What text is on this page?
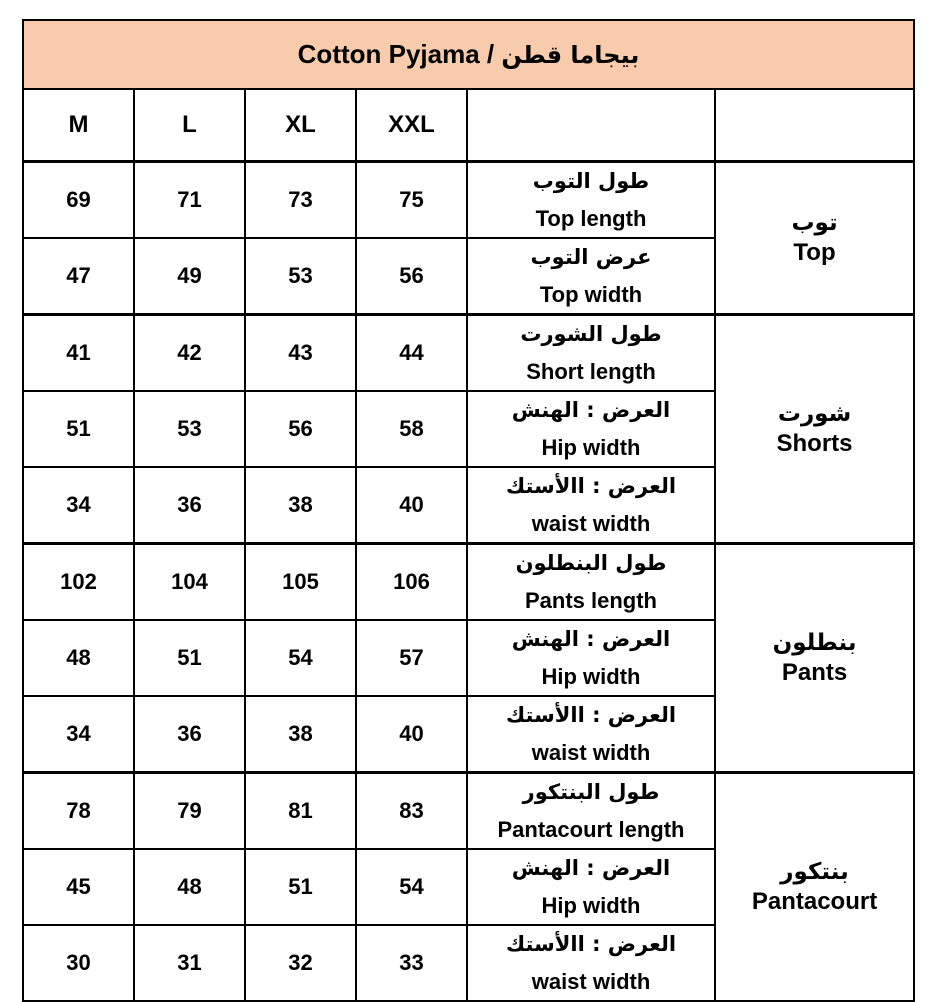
Cotton Pyjama / بيجاما قطن					
M	L	XL	XXL		
69	71	73	75	طول التوب
Top length	توب
Top

47	49	53	56	عرض التوب
Top width	

41	42	43	44	طول الشورت
Short length	شورت
Shorts

51	53	56	58	العرض : الهنش
Hip width	

34	36	38	40	العرض : االأستك
waist width	

102	104	105	106	طول البنطلون
Pants length	بنطلون
Pants

48	51	54	57	العرض : الهنش
Hip width	

34	36	38	40	العرض : االأستك
waist width	

78	79	81	83	طول البنتكور
Pantacourt length	بنتكور
Pantacourt

45	48	51	54	العرض : الهنش
Hip width	

30	31	32	33	العرض : االأستك
waist width	
